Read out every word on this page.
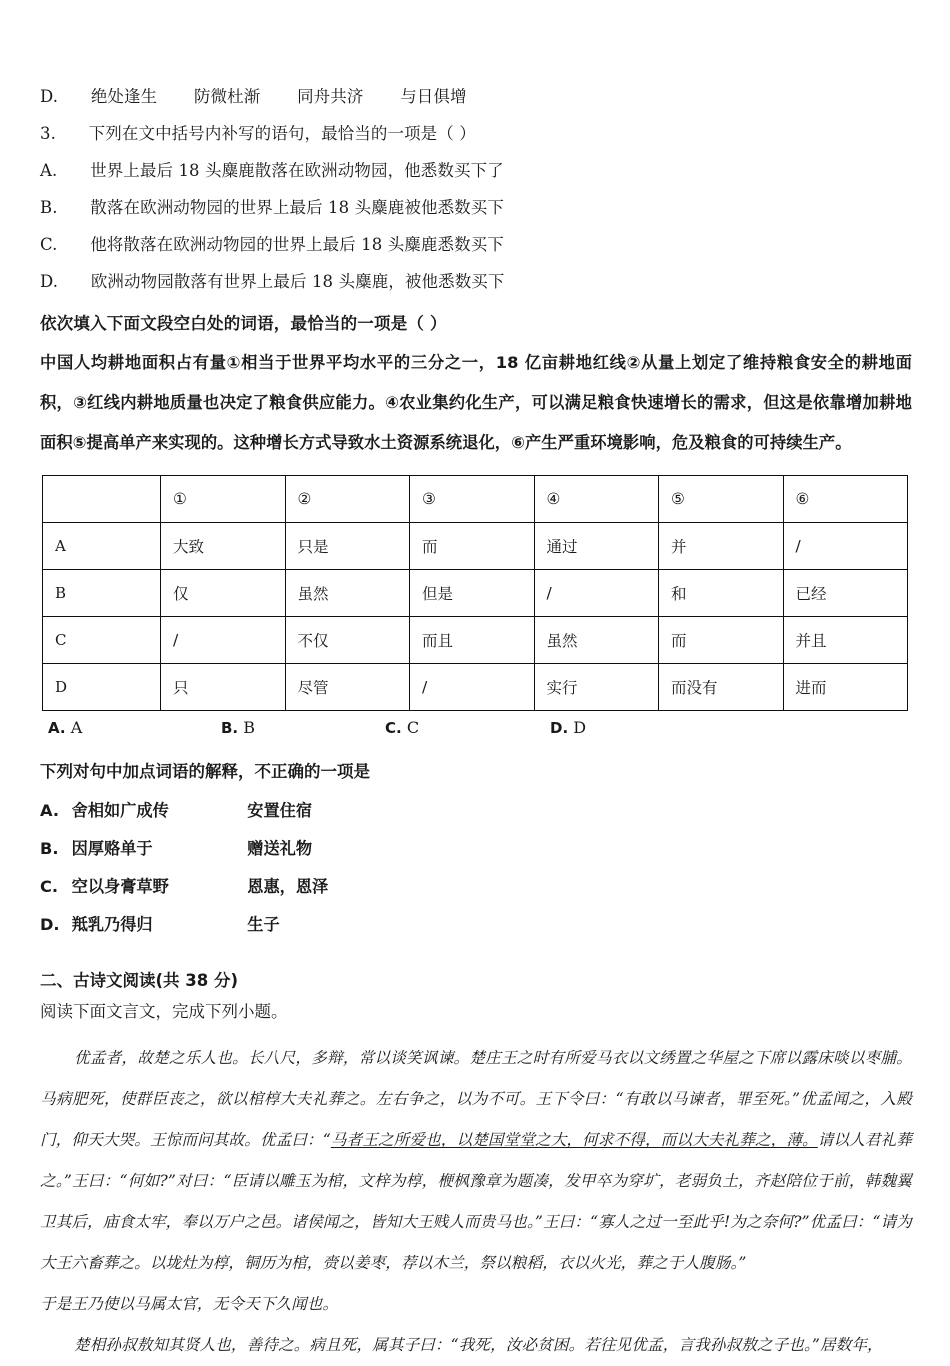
D. 绝处逢生 防微杜渐 同舟共济 与日俱增
3. 下列在文中括号内补写的语句，最恰当的一项是（ ）
A. 世界上最后 18 头麋鹿散落在欧洲动物园，他悉数买下了
B. 散落在欧洲动物园的世界上最后 18 头麋鹿被他悉数买下
C. 他将散落在欧洲动物园的世界上最后 18 头麋鹿悉数买下
D. 欧洲动物园散落有世界上最后 18 头麋鹿，被他悉数买下
依次填入下面文段空白处的词语，最恰当的一项是（ ）
中国人均耕地面积占有量①相当于世界平均水平的三分之一，18 亿亩耕地红线②从量上划定了维持粮食安全的耕地面积，③红线内耕地质量也决定了粮食供应能力。④农业集约化生产，可以满足粮食快速增长的需求，但这是依靠增加耕地面积⑤提高单产来实现的。这种增长方式导致水土资源系统退化，⑥产生严重环境影响，危及粮食的可持续生产。
	①	②	③	④	⑤	⑥
A	大致	只是	而	通过	并	/
B	仅	虽然	但是	/	和	已经
C	/	不仅	而且	虽然	而	并且
D	只	尽管	/	实行	而没有	进而
A. A	B. B	C. C	D. D
下列对句中加点词语的解释，不正确的一项是
A. 舍相如广成传	安置住宿
B. 因厚赂单于	赠送礼物
C. 空以身膏草野	恩惠，恩泽
D. 羝乳乃得归	生子
二、古诗文阅读(共 38 分)
阅读下面文言文，完成下列小题。
优孟者，故楚之乐人也。长八尺，多辩，常以谈笑讽谏。楚庄王之时有所爱马衣以文绣置之华屋之下席以露床啖以枣脯。马病肥死，使群臣丧之，欲以棺椁大夫礼葬之。左右争之，以为不可。王下令曰：“有敢以马谏者，罪至死。”优孟闻之，入殿门，仰天大哭。王惊而问其故。优孟曰：“马者王之所爱也，以楚国堂堂之大，何求不得，而以大夫礼葬之，薄。请以人君礼葬之。”王曰：“何如?”对曰：“臣请以雕玉为棺，文梓为椁，楩枫豫章为题凑，发甲卒为穿圹，老弱负土，齐赵陪位于前，韩魏翼卫其后，庙食太牢，奉以万户之邑。诸侯闻之，皆知大王贱人而贵马也。”王曰：“寡人之过一至此乎!为之奈何?”优孟曰：“请为大王六畜葬之。以垅灶为椁，铜历为棺，赍以姜枣，荐以木兰，祭以粮稻，衣以火光，葬之于人腹肠。”
于是王乃使以马属太官，无令天下久闻也。
楚相孙叔敖知其贤人也，善待之。病且死，属其子曰：“我死，汝必贫困。若往见优孟，言我孙叔敖之子也。”居数年，
